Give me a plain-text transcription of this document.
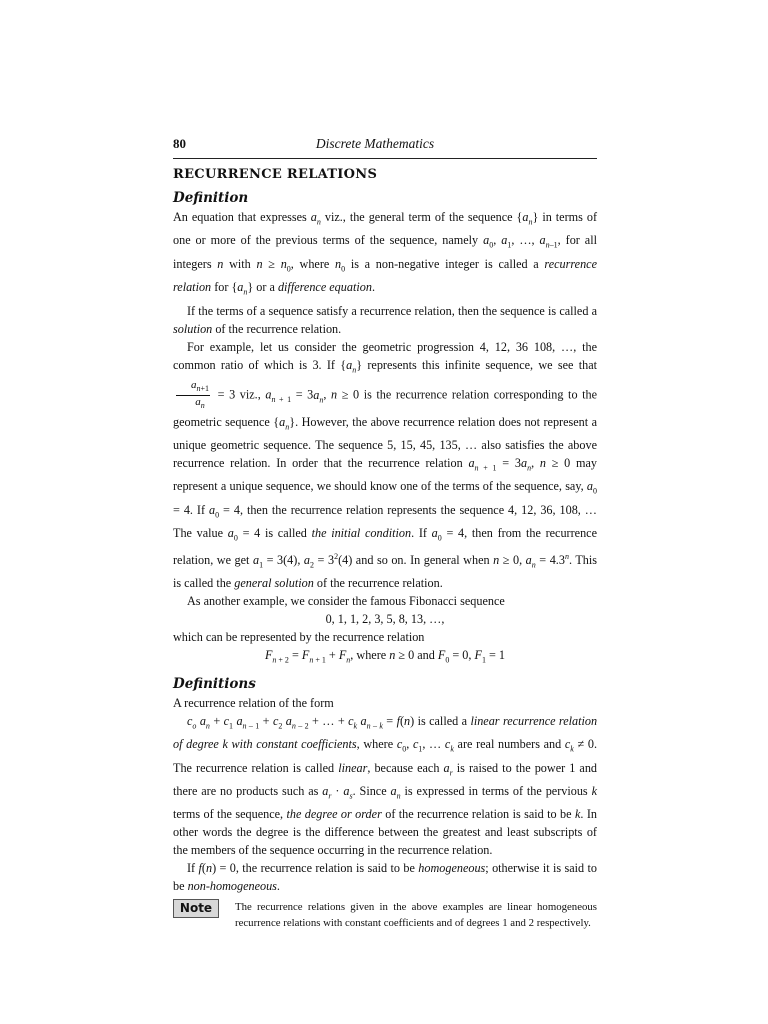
80	Discrete Mathematics
RECURRENCE RELATIONS
Definition

An equation that expresses $a_n$ viz., the general term of the sequence $\{a_n\}$ in terms of one or more of the previous terms of the sequence, namely $a_0$, $a_1$, …, $a_{n-1}$, for all integers n with $n \ge n_0$, where $n_0$ is a non-negative integer is called a recurrence relation for $\{a_n\}$ or a difference equation.

If the terms of a sequence satisfy a recurrence relation, then the sequence is called a solution of the recurrence relation.

For example, let us consider the geometric progression 4, 12, 36 108, …, the common ratio of which is 3. If $\{a_n\}$ represents this infinite sequence, we see that
$\frac{a_{n+1}}{a_n} = 3$ viz., $a_{n + 1} = 3a_n$, n ≥ 0 is the recurrence relation corresponding to the geometric sequence $\{a_n\}$. However, the above recurrence relation does not represent a unique geometric sequence. The sequence 5, 15, 45, 135, … also satisfies the above recurrence relation. In order that the recurrence relation $a_{n + 1} = 3a_n$, n ≥ 0 may represent a unique sequence, we should know one of the terms of the sequence, say, $a_0 = 4$. If $a_0 = 4$, then the recurrence relation represents the sequence 4, 12, 36, 108, … The value $a_0 = 4$ is called the initial condition. If $a_0 = 4$, then from the recurrence relation, we get $a_1 = 3(4)$, $a_2 = 3^2(4)$ and so on. In general when n ≥ 0, $a_n = 4.3^n$. This is called the general solution of the recurrence relation.

As another example, we consider the famous Fibonacci sequence

0, 1, 1, 2, 3, 5, 8, 13, …,

which can be represented by the recurrence relation

$F_{n + 2} = F_{n + 1} + F_n$, where n ≥ 0 and $F_0 = 0$, $F_1 = 1$

Definitions

A recurrence relation of the form

$c_o$ $a_n + c_1$ $a_{n - 1} + c_2$ $a_{n - 2}$ + … + $c_k$ $a_{n - k} = f(n)$ is called a linear recurrence relation of degree k with constant coefficients, where $c_0$, $c_1$, … $c_k$ are real numbers and $c_k \ne 0$. The recurrence relation is called linear, because each $a_r$ is raised to the power 1 and there are no products such as $a_r \cdot a_s$. Since $a_n$ is expressed in terms of the pervious k terms of the sequence, the degree or order of the recurrence relation is said to be k. In other words the degree is the difference between the greatest and least subscripts of the members of the sequence occurring in the recurrence relation.

If f(n) = 0, the recurrence relation is said to be homogeneous; otherwise it is said to be non-homogeneous.

Note	The recurrence relations given in the above examples are linear homogeneous recurrence relations with constant coefficients and of degrees 1 and 2 respectively.
